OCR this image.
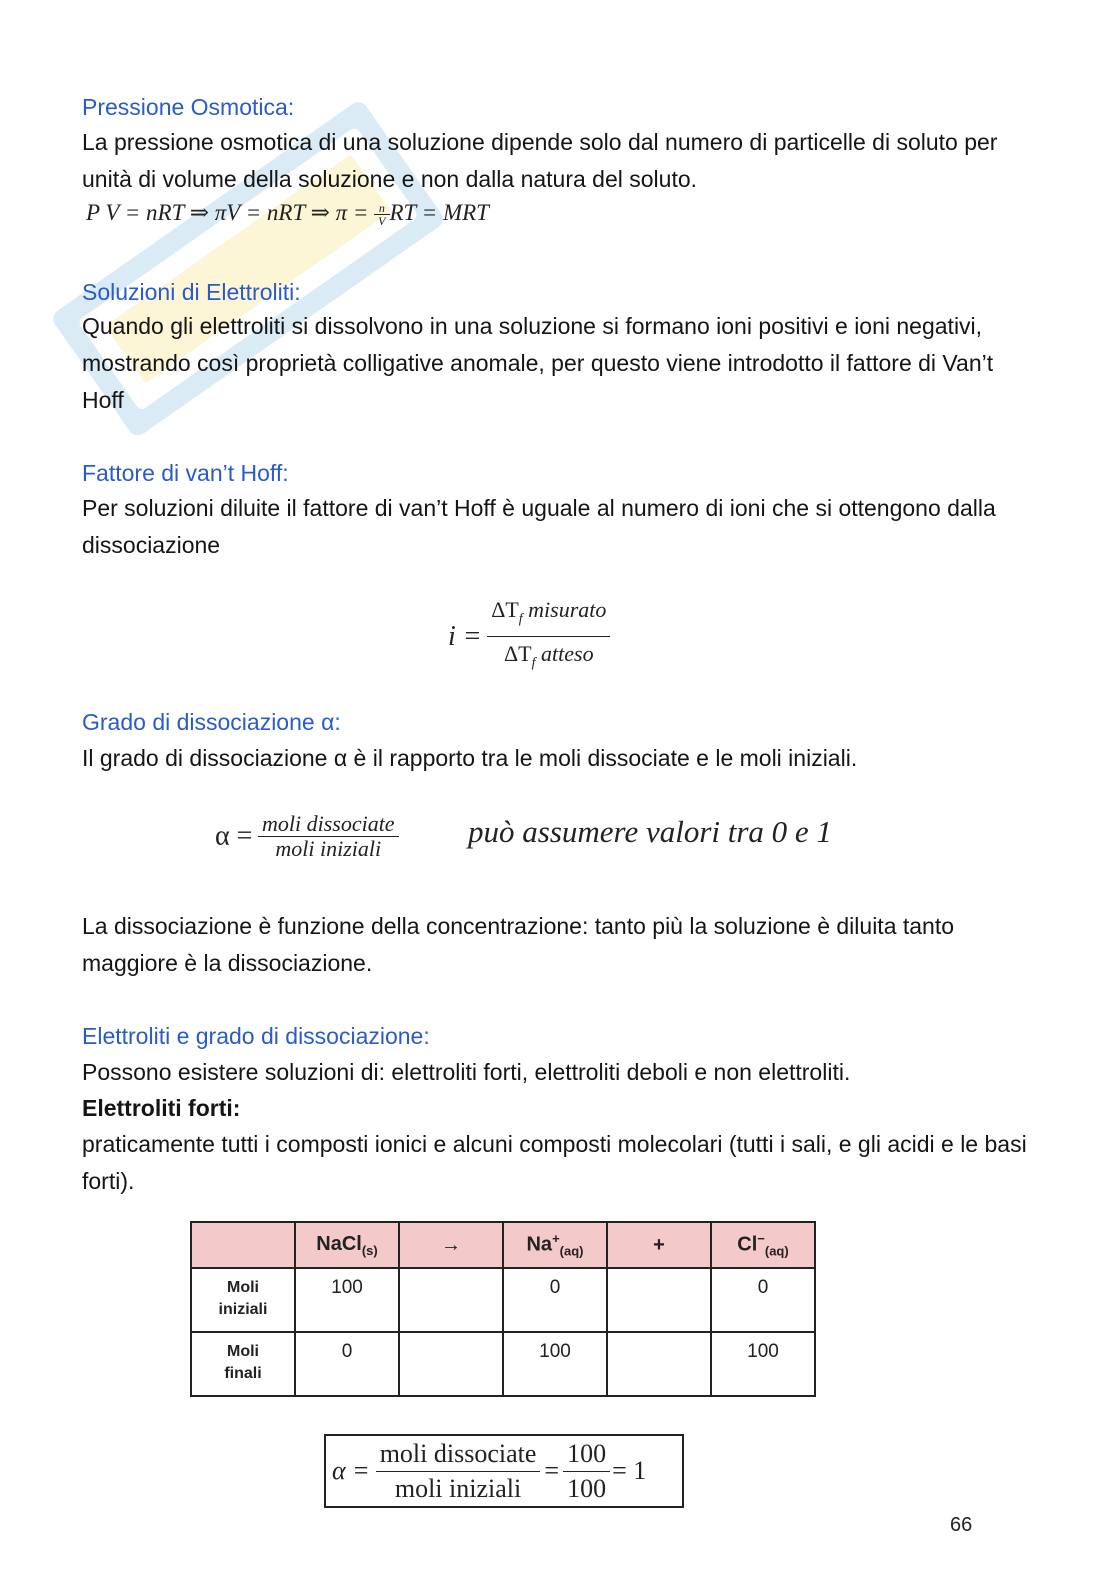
Pressione Osmotica:
La pressione osmotica di una soluzione dipende solo dal numero di particelle di soluto per unità di volume della soluzione e non dalla natura del soluto.
P V = nRT ⇒ πV = nRT ⇒ $\pi = \frac{n}{V}$ RT = MRT
Soluzioni di Elettroliti:
Quando gli elettroliti si dissolvono in una soluzione si formano ioni positivi e ioni negativi, mostrando così proprietà colligative anomale, per questo viene introdotto il fattore di Van’t Hoff
Fattore di van’t Hoff:
Per soluzioni diluite il fattore di van’t Hoff è uguale al numero di ioni che si ottengono dalla dissociazione
$i = \frac{\Delta T_f misurato}{\Delta T_f atteso}$
Grado di dissociazione α:
Il grado di dissociazione α è il rapporto tra le moli dissociate e le moli iniziali.
$\alpha = \frac{\text{moli dissociate}}{\text{moli iniziali}}$ può assumere valori tra 0 e 1
La dissociazione è funzione della concentrazione: tanto più la soluzione è diluita tanto maggiore è la dissociazione.
Elettroliti e grado di dissociazione:
Possono esistere soluzioni di: elettroliti forti, elettroliti deboli e non elettroliti.
Elettroliti forti:
praticamente tutti i composti ionici e alcuni composti molecolari (tutti i sali, e gli acidi e le basi forti).
	NaCl$_{(s)}$	→	$Na^+_{(aq)}$	+	$Cl^-_{(aq)}$
Moli
iniziali	100		0		0
Moli
finali	0		100		100
$\alpha = \frac{\text{moli dissociate}}{\text{moli iniziali}} = \frac{100}{100} = 1$
66
